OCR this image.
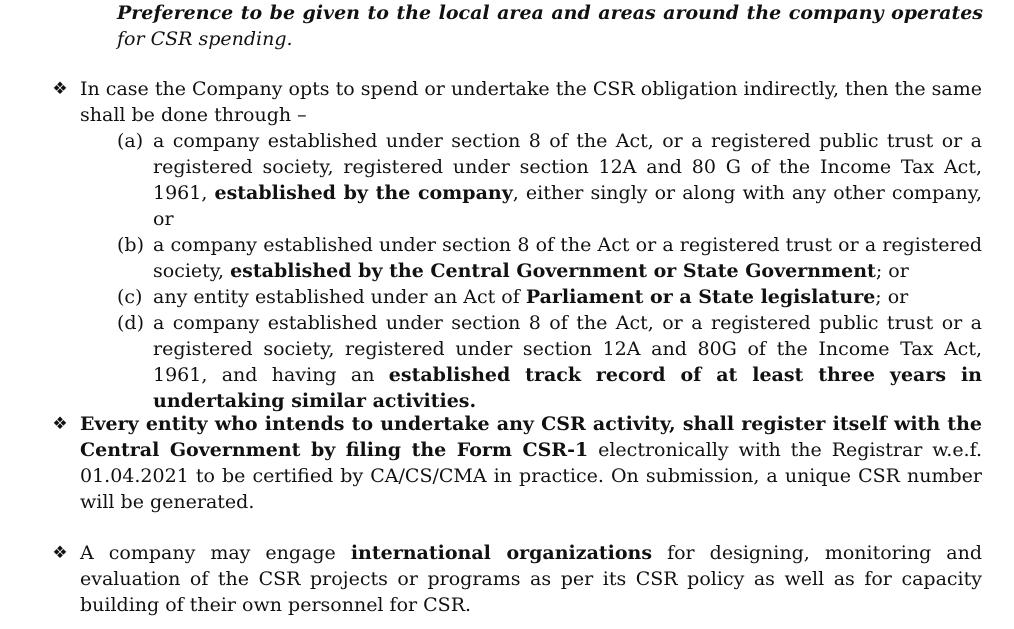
Preference to be given to the local area and areas around the company operates for CSR spending.
❖ In case the Company opts to spend or undertake the CSR obligation indirectly, then the same shall be done through –
(a) a company established under section 8 of the Act, or a registered public trust or a registered society, registered under section 12A and 80 G of the Income Tax Act, 1961, established by the company, either singly or along with any other company, or
(b) a company established under section 8 of the Act or a registered trust or a registered society, established by the Central Government or State Government; or
(c) any entity established under an Act of Parliament or a State legislature; or
(d) a company established under section 8 of the Act, or a registered public trust or a registered society, registered under section 12A and 80G of the Income Tax Act, 1961, and having an established track record of at least three years in undertaking similar activities.
❖ Every entity who intends to undertake any CSR activity, shall register itself with the Central Government by filing the Form CSR-1 electronically with the Registrar w.e.f. 01.04.2021 to be certified by CA/CS/CMA in practice. On submission, a unique CSR number will be generated.
❖ A company may engage international organizations for designing, monitoring and evaluation of the CSR projects or programs as per its CSR policy as well as for capacity building of their own personnel for CSR.
